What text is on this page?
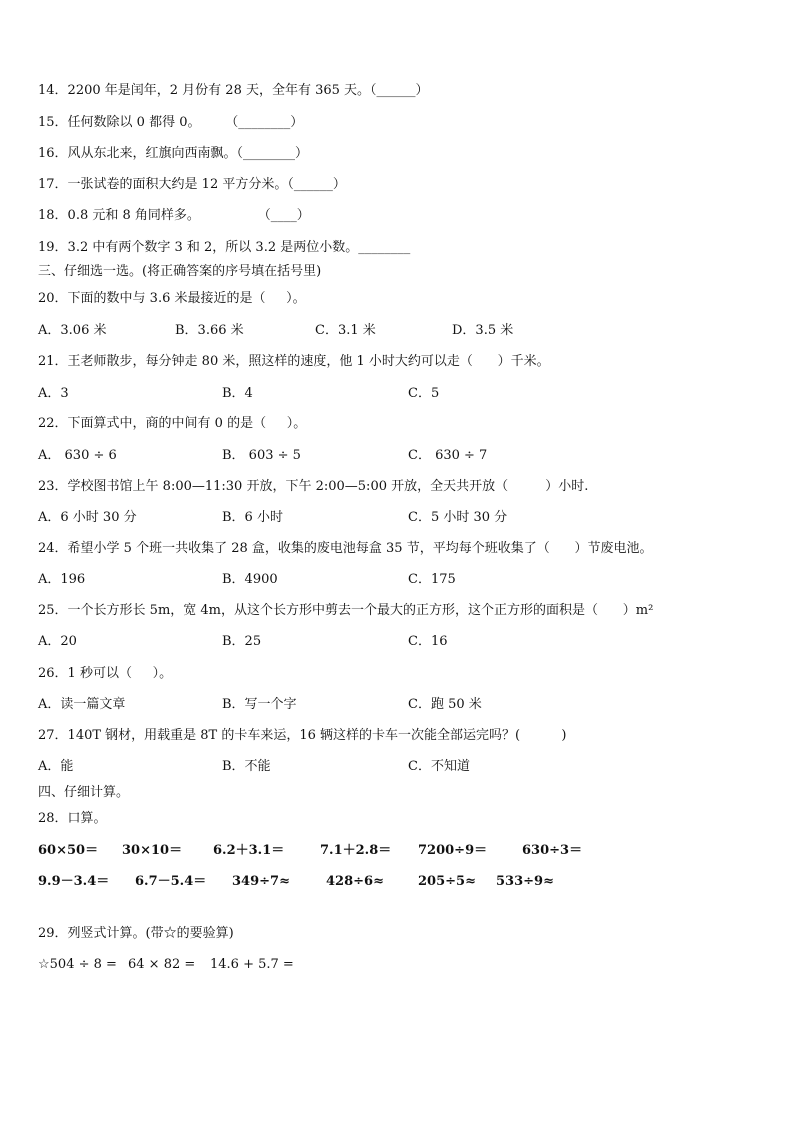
14．2200 年是闰年，2 月份有 28 天，全年有 365 天。（______）
15．任何数除以 0 都得 0。      （________）
16．风从东北来，红旗向西南飘。（________）
17．一张试卷的面积大约是 12 平方分米。（______）
18．0.8 元和 8 角同样多。              （____）
19．3.2 中有两个数字 3 和 2，所以 3.2 是两位小数。________
三、仔细选一选。(将正确答案的序号填在括号里)
20．下面的数中与 3.6 米最接近的是（     ）。
A．3.06 米	B．3.66 米	C．3.1 米	D．3.5 米
21．王老师散步，每分钟走 80 米，照这样的速度，他 1 小时大约可以走（      ）千米。
A．3	B．4	C．5
22．下面算式中，商的中间有 0 的是（     ）。
A． 630 ÷ 6	B． 603 ÷ 5	C． 630 ÷ 7
23．学校图书馆上午 8:00—11:30 开放，下午 2:00—5:00 开放，全天共开放（         ）小时.
A．6 小时 30 分	B．6 小时	C．5 小时 30 分
24．希望小学 5 个班一共收集了 28 盒，收集的废电池每盒 35 节，平均每个班收集了（      ）节废电池。
A．196	B．4900	C．175
25．一个长方形长 5m，宽 4m，从这个长方形中剪去一个最大的正方形，这个正方形的面积是（      ）m²
A．20	B．25	C．16
26．1 秒可以（     ）。
A．读一篇文章	B．写一个字	C．跑 50 米
27．140T 钢材，用载重是 8T 的卡车来运，16 辆这样的卡车一次能全部运完吗？(          )
A．能	B．不能	C．不知道
四、仔细计算。
28．口算。
60×50＝ 30×10＝ 6.2＋3.1＝	7.1＋2.8＝ 7200÷9＝	630÷3＝
9.9－3.4＝ 6.7－5.4＝ 349÷7≈	428÷6≈	205÷5≈ 533÷9≈
29．列竖式计算。(带☆的要验算)
☆504 ÷ 8 = 64 × 82 = 14.6 + 5.7 =
